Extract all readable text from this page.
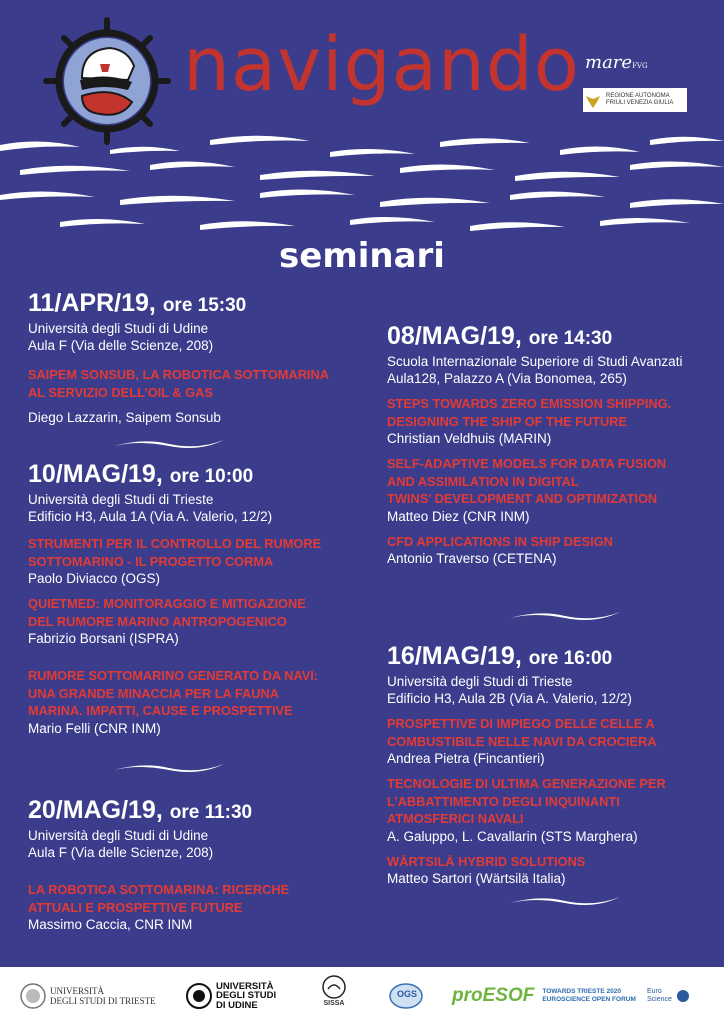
navigando mareFVG
REGIONE AUTONOMA
FRIULI VENEZIA GIULIA
seminari
11/APR/19, ore 15:30
Università degli Studi di Udine
Aula F (Via delle Scienze, 208)
SAIPEM SONSUB, LA ROBOTICA SOTTOMARINA
AL SERVIZIO DELL’OIL & GAS
Diego Lazzarin, Saipem Sonsub
10/MAG/19, ore 10:00
Università degli Studi di Trieste
Edificio H3, Aula 1A (Via A. Valerio, 12/2)
STRUMENTI PER IL CONTROLLO DEL RUMORE
SOTTOMARINO - IL PROGETTO CORMA
Paolo Diviacco (OGS)
QUIETMED: MONITORAGGIO E MITIGAZIONE
DEL RUMORE MARINO ANTROPOGENICO
Fabrizio Borsani (ISPRA)
RUMORE SOTTOMARINO GENERATO DA NAVI:
UNA GRANDE MINACCIA PER LA FAUNA
MARINA. IMPATTI, CAUSE E PROSPETTIVE
Mario Felli (CNR INM)
20/MAG/19, ore 11:30
Università degli Studi di Udine
Aula F (Via delle Scienze, 208)
LA ROBOTICA SOTTOMARINA: RICERCHE
ATTUALI E PROSPETTIVE FUTURE
Massimo Caccia, CNR INM
08/MAG/19, ore 14:30
Scuola Internazionale Superiore di Studi Avanzati
Aula128, Palazzo A (Via Bonomea, 265)
STEPS TOWARDS ZERO EMISSION SHIPPING.
DESIGNING THE SHIP OF THE FUTURE
Christian Veldhuis (MARIN)
SELF-ADAPTIVE MODELS FOR DATA FUSION
AND ASSIMILATION IN DIGITAL
TWINS’ DEVELOPMENT AND OPTIMIZATION
Matteo Diez (CNR INM)
CFD APPLICATIONS IN SHIP DESIGN
Antonio Traverso (CETENA)
16/MAG/19, ore 16:00
Università degli Studi di Trieste
Edificio H3, Aula 2B (Via A. Valerio, 12/2)
PROSPETTIVE DI IMPIEGO DELLE CELLE A
COMBUSTIBILE NELLE NAVI DA CROCIERA
Andrea Pietra (Fincantieri)
TECNOLOGIE DI ULTIMA GENERAZIONE PER
L’ABBATTIMENTO DEGLI INQUINANTI
ATMOSFERICI NAVALI
A. Galuppo, L. Cavallarin (STS Marghera)
WÄRTSILÄ HYBRID SOLUTIONS
Matteo Sartori (Wärtsilä Italia)
UNIVERSITÀ
DEGLI STUDI DI TRIESTE
UNIVERSITÀ
DEGLI STUDI
DI UDINE	SISSA
OGS proESOF TOWARDS TRIESTE 2020
EUROSCIENCE OPEN FORUM
Euro
Science
